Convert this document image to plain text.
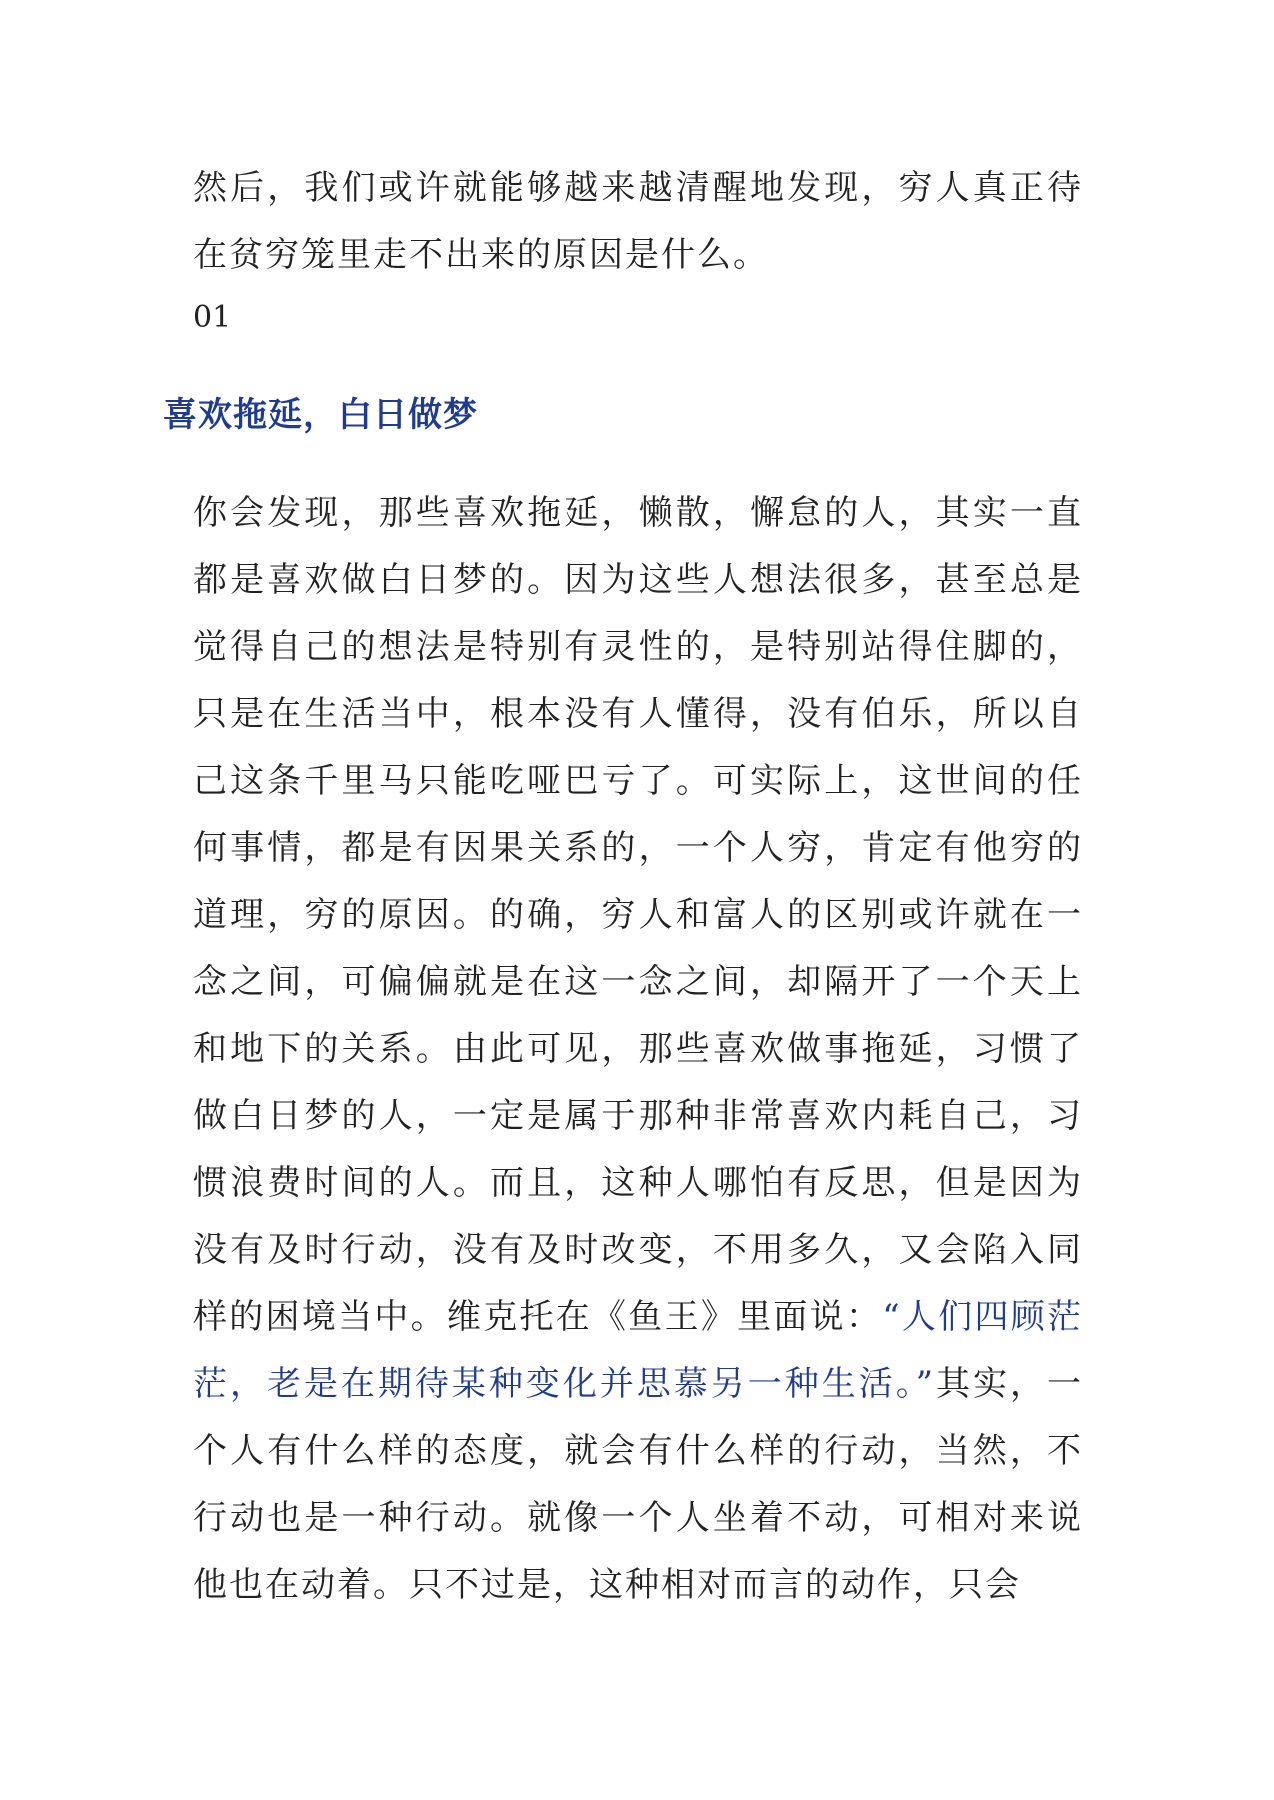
然后，我们或许就能够越来越清醒地发现，穷人真正待在贫穷笼里走不出来的原因是什么。

01

喜欢拖延，白日做梦

你会发现，那些喜欢拖延，懒散，懈怠的人，其实一直都是喜欢做白日梦的。因为这些人想法很多，甚至总是觉得自己的想法是特别有灵性的，是特别站得住脚的，只是在生活当中，根本没有人懂得，没有伯乐，所以自己这条千里马只能吃哑巴亏了。可实际上，这世间的任何事情，都是有因果关系的，一个人穷，肯定有他穷的道理，穷的原因。的确，穷人和富人的区别或许就在一念之间，可偏偏就是在这一念之间，却隔开了一个天上和地下的关系。由此可见，那些喜欢做事拖延，习惯了做白日梦的人，一定是属于那种非常喜欢内耗自己，习惯浪费时间的人。而且，这种人哪怕有反思，但是因为没有及时行动，没有及时改变，不用多久，又会陷入同样的困境当中。维克托在《鱼王》里面说：“人们四顾茫茫，老是在期待某种变化并思慕另一种生活。”其实，一个人有什么样的态度，就会有什么样的行动，当然，不行动也是一种行动。就像一个人坐着不动，可相对来说他也在动着。只不过是，这种相对而言的动作，只会
